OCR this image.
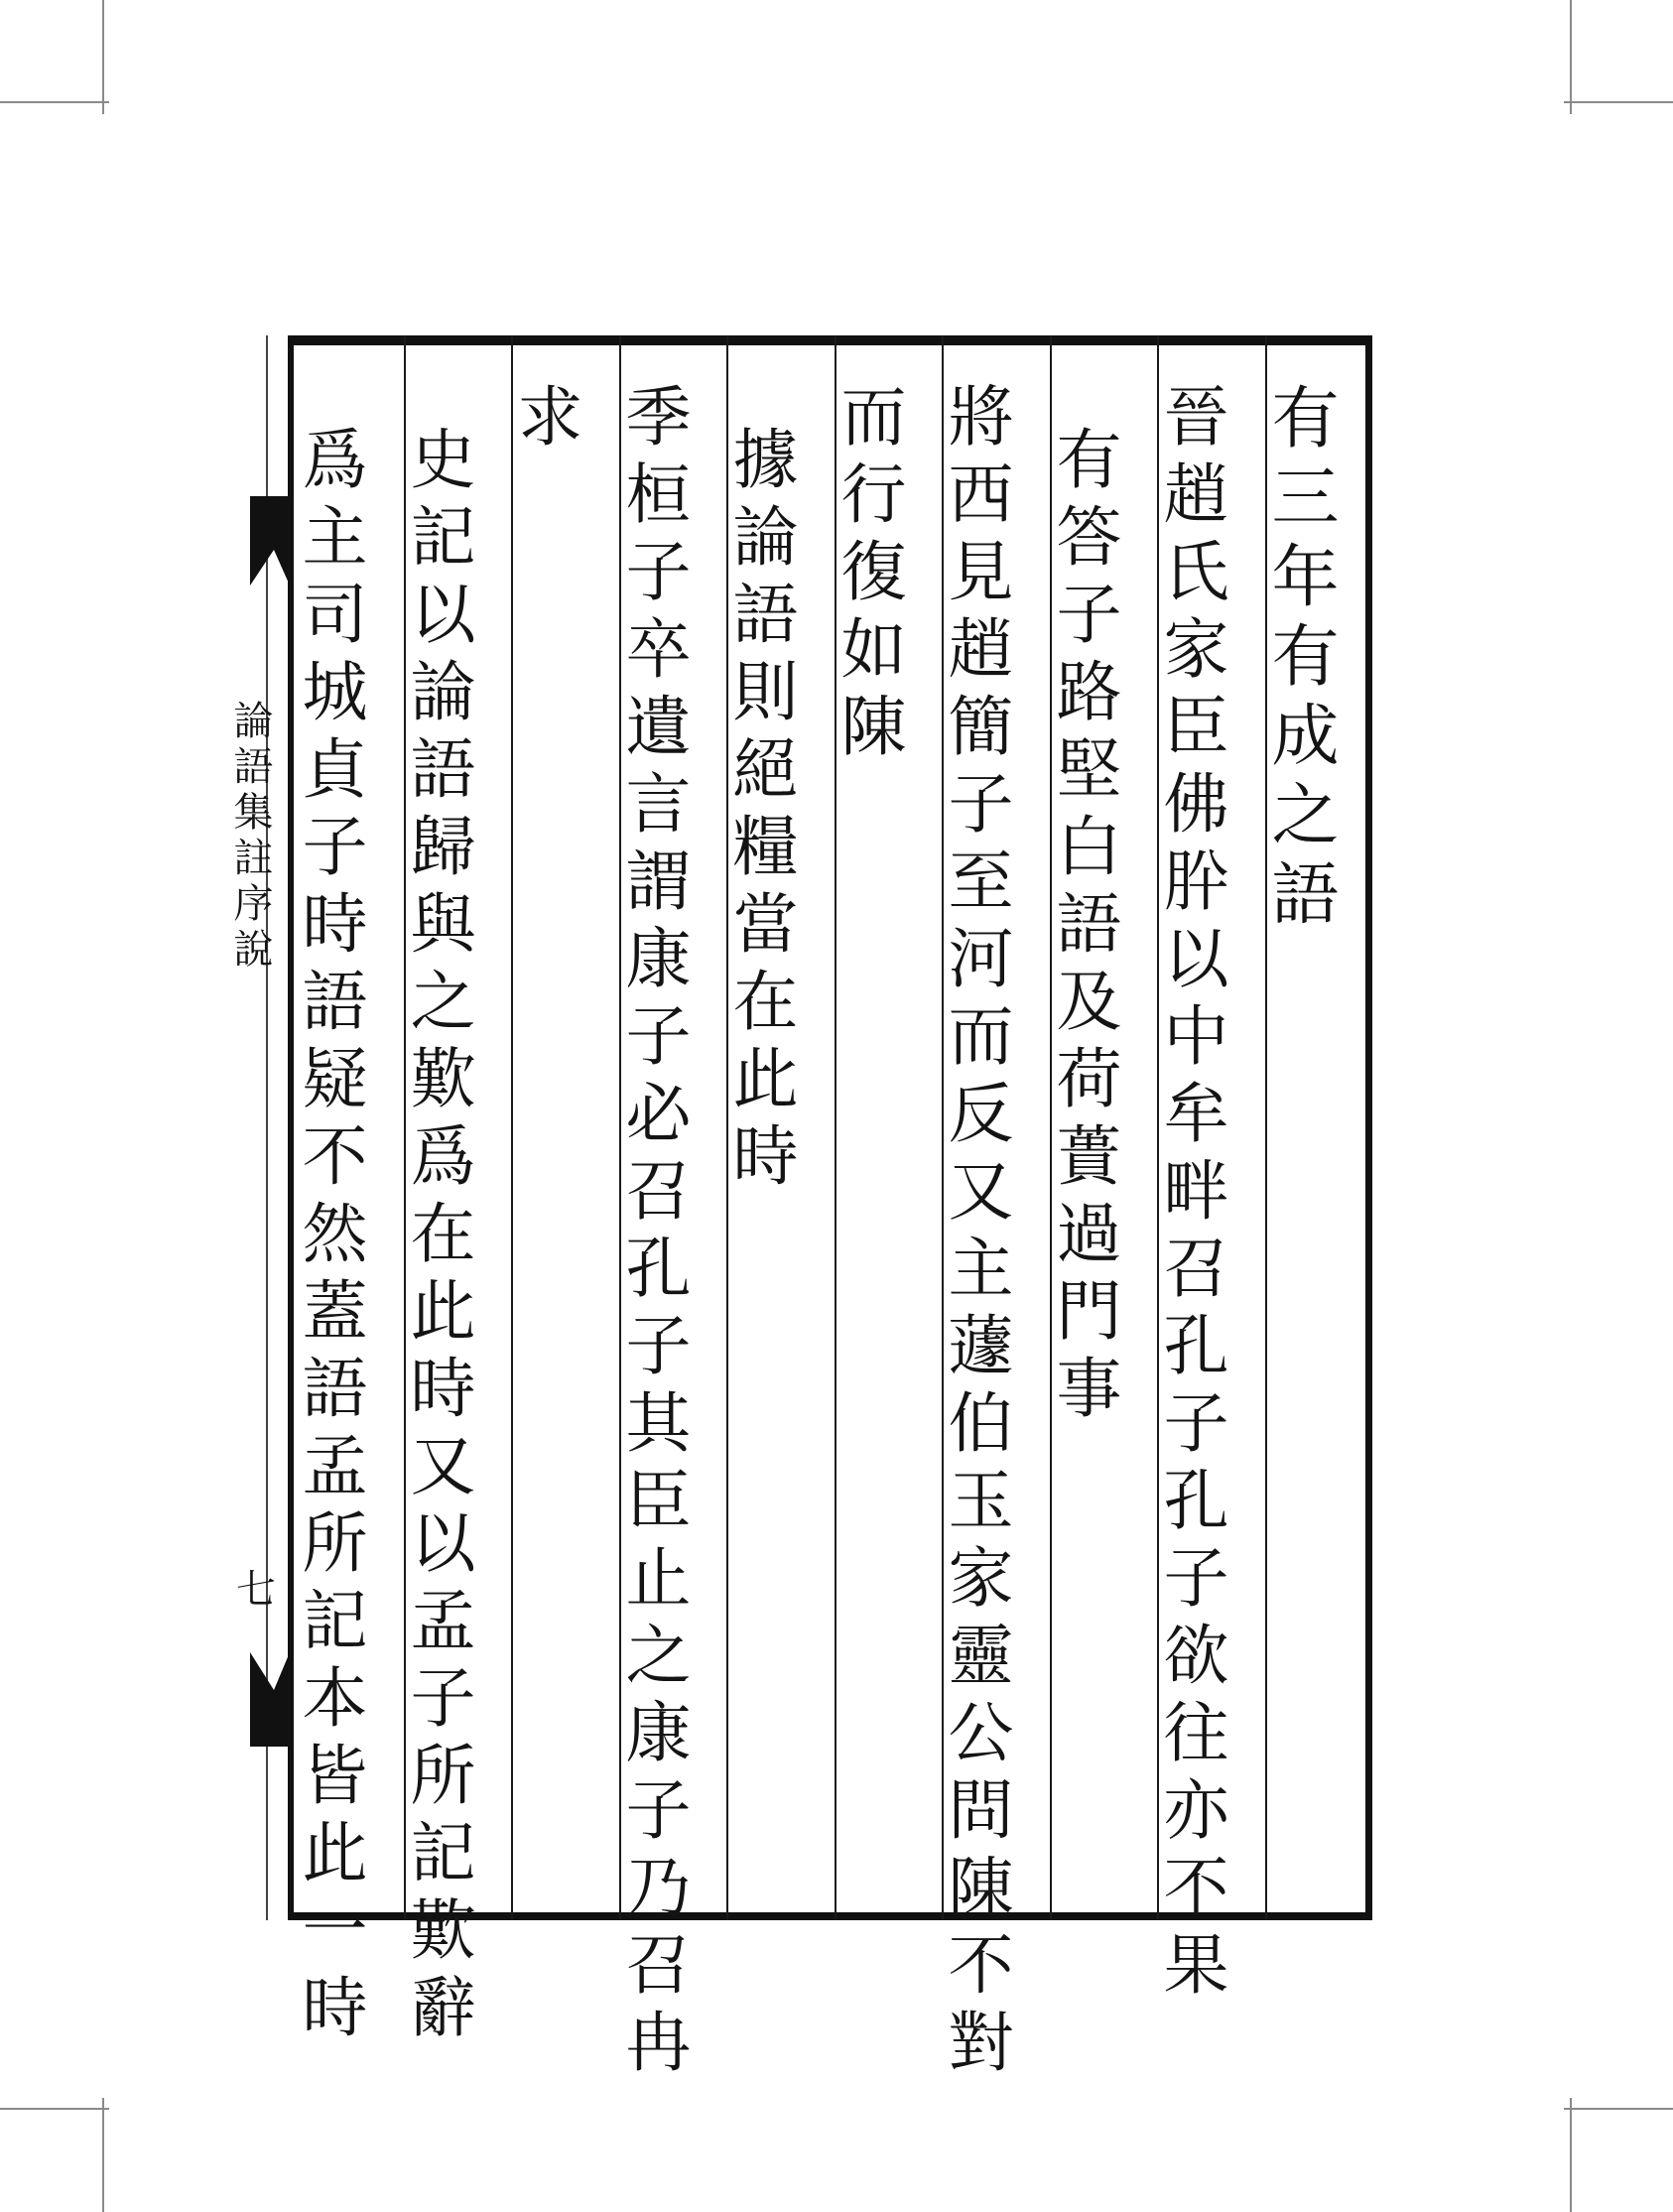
論語集註序說
七
有三年有成之語
晉趙氏家臣佛肸以中牟畔召孔子孔子欲往亦不果
有答子路堅白語及荷蕢過門事
將西見趙簡子至河而反又主蘧伯玉家靈公問陳不對
而行復如陳
據論語則絕糧當在此時
季桓子卒遺言謂康子必召孔子其臣止之康子乃召冉
求
史記以論語歸與之歎爲在此時又以孟子所記歎辭
爲主司城貞子時語疑不然蓋語孟所記本皆此一時
